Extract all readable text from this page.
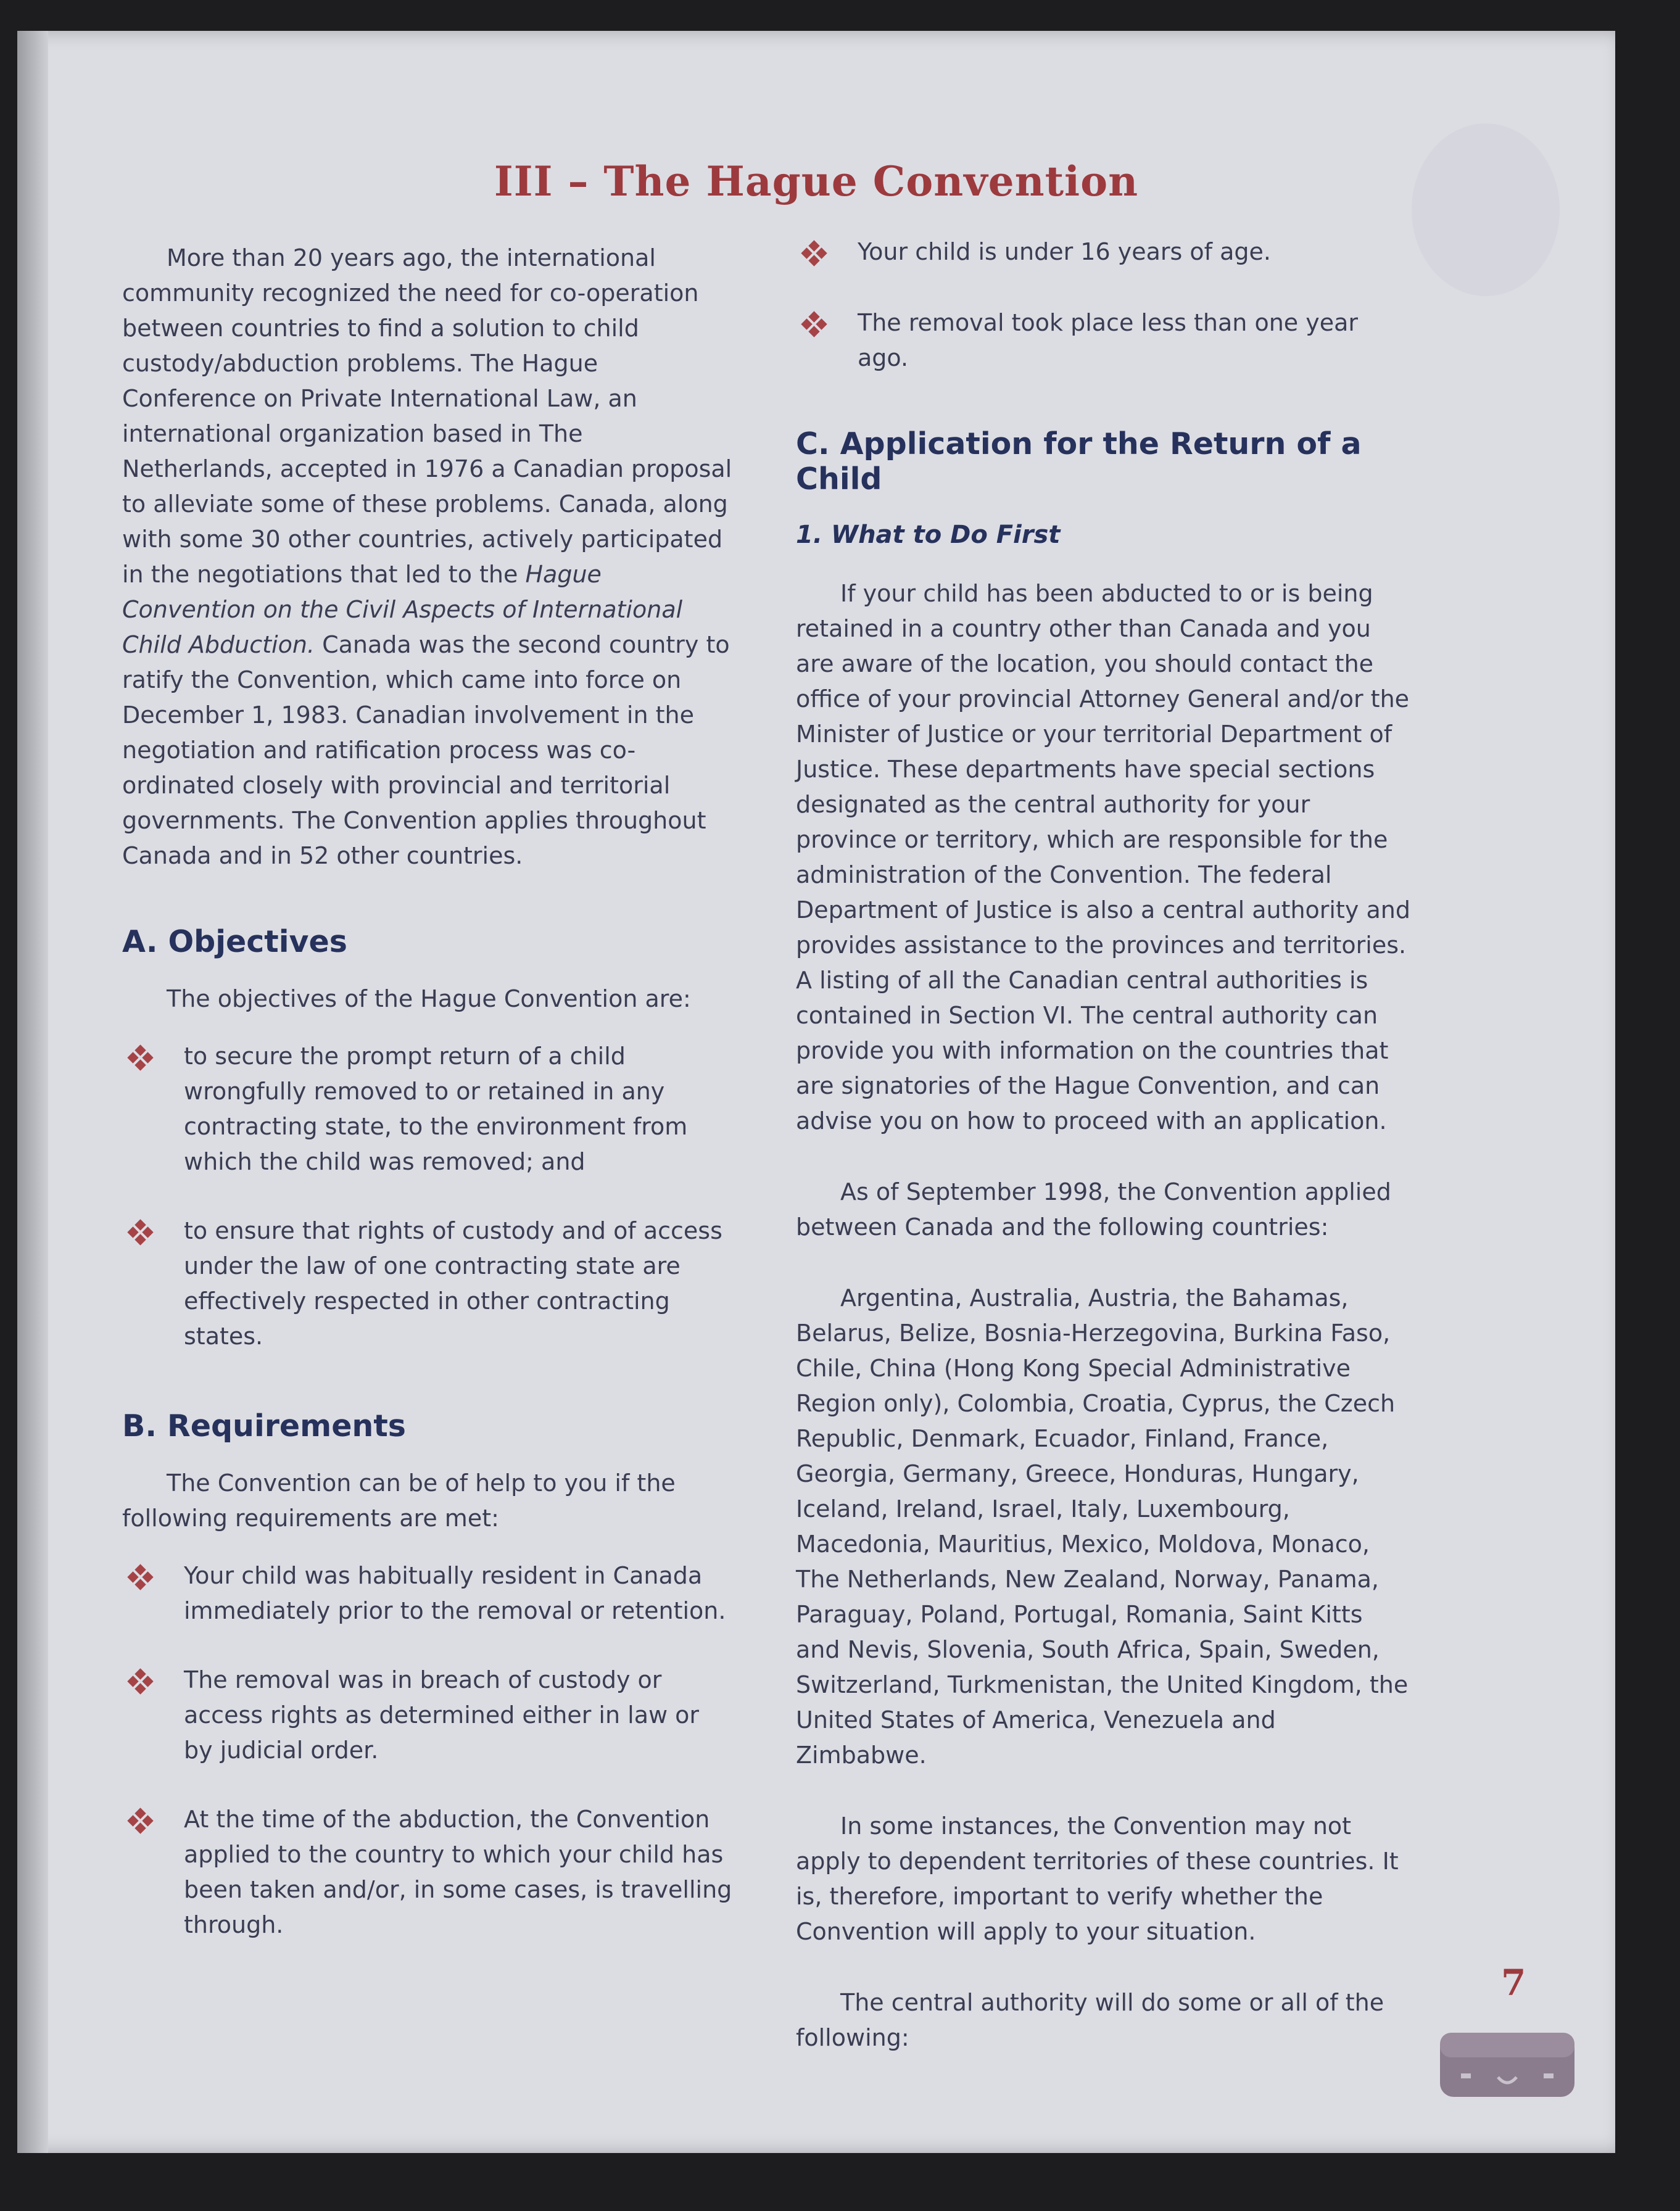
III – The Hague Convention

More than 20 years ago, the international community recognized the need for co-operation between countries to find a solution to child custody/abduction problems. The Hague Conference on Private International Law, an international organization based in The Netherlands, accepted in 1976 a Canadian proposal to alleviate some of these problems. Canada, along with some 30 other countries, actively participated in the negotiations that led to the Hague Convention on the Civil Aspects of International Child Abduction. Canada was the second country to ratify the Convention, which came into force on December 1, 1983. Canadian involvement in the negotiation and ratification process was co-ordinated closely with provincial and territorial governments. The Convention applies throughout Canada and in 52 other countries.

A. Objectives

The objectives of the Hague Convention are:

to secure the prompt return of a child wrongfully removed to or retained in any contracting state, to the environment from which the child was removed; and
to ensure that rights of custody and of access under the law of one contracting state are effectively respected in other contracting states.

B. Requirements

The Convention can be of help to you if the following requirements are met:

Your child was habitually resident in Canada immediately prior to the removal or retention.
The removal was in breach of custody or access rights as determined either in law or by judicial order.
At the time of the abduction, the Convention applied to the country to which your child has been taken and/or, in some cases, is travelling through.
Your child is under 16 years of age.
The removal took place less than one year ago.

C. Application for the Return of a Child

1. What to Do First

If your child has been abducted to or is being retained in a country other than Canada and you are aware of the location, you should contact the office of your provincial Attorney General and/or the Minister of Justice or your territorial Department of Justice. These departments have special sections designated as the central authority for your province or territory, which are responsible for the administration of the Convention. The federal Department of Justice is also a central authority and provides assistance to the provinces and territories. A listing of all the Canadian central authorities is contained in Section VI. The central authority can provide you with information on the countries that are signatories of the Hague Convention, and can advise you on how to proceed with an application.

As of September 1998, the Convention applied between Canada and the following countries:

Argentina, Australia, Austria, the Bahamas, Belarus, Belize, Bosnia-Herzegovina, Burkina Faso, Chile, China (Hong Kong Special Administrative Region only), Colombia, Croatia, Cyprus, the Czech Republic, Denmark, Ecuador, Finland, France, Georgia, Germany, Greece, Honduras, Hungary, Iceland, Ireland, Israel, Italy, Luxembourg, Macedonia, Mauritius, Mexico, Moldova, Monaco, The Netherlands, New Zealand, Norway, Panama, Paraguay, Poland, Portugal, Romania, Saint Kitts and Nevis, Slovenia, South Africa, Spain, Sweden, Switzerland, Turkmenistan, the United Kingdom, the United States of America, Venezuela and Zimbabwe.

In some instances, the Convention may not apply to dependent territories of these countries. It is, therefore, important to verify whether the Convention will apply to your situation.

The central authority will do some or all of the following:

7
